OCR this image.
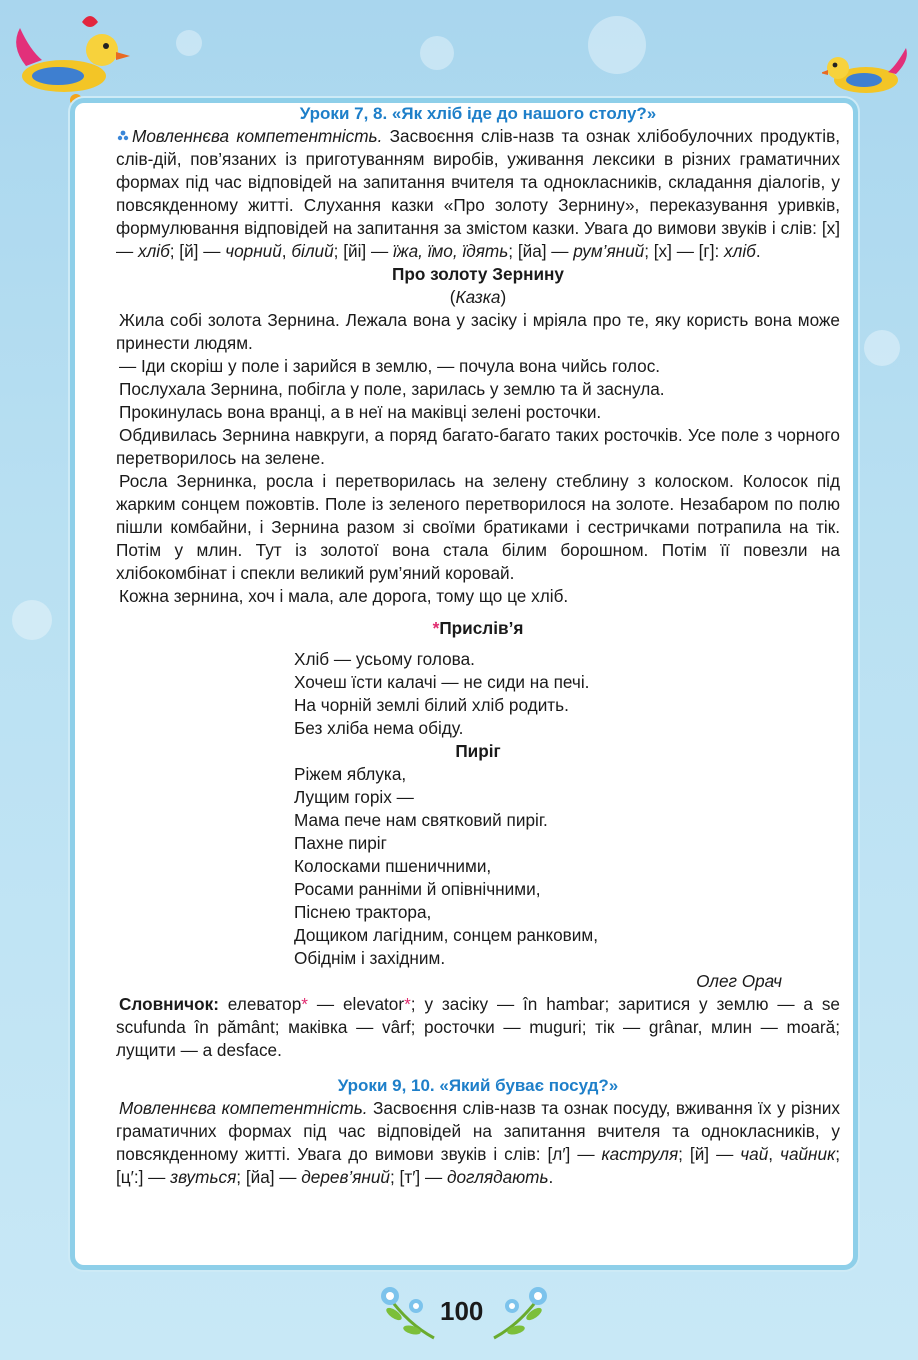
Уроки 7, 8. «Як хліб іде до нашого столу?»

Мовленнєва компетентність. Засвоєння слів-назв та ознак хлібобулочних продуктів, слів-дій, пов’язаних із приготуванням виробів, уживання лексики в різних граматичних формах під час відповідей на запитання вчителя та однокласників, складання діалогів, у повсякденному житті. Слухання казки «Про золоту Зернину», переказування уривків, формулювання відповідей на запитання за змістом казки. Увага до вимови звуків і слів: [х] — хліб; [й] — чорний, білий; [йі] — їжа, їмо, їдять; [йа] — рум’яний; [х] — [г]: хліб.

Про золоту Зернину

(Казка)

Жила собі золота Зернина. Лежала вона у засіку і мріяла про те, яку користь вона може принести людям.

— Іди скоріш у поле і зарийся в землю, — почула вона чийсь голос.

Послухала Зернина, побігла у поле, зарилась у землю та й заснула.

Прокинулась вона вранці, а в неї на маківці зелені росточки.

Обдивилась Зернина навкруги, а поряд багато-багато таких росточків. Усе поле з чорного перетворилось на зелене.

Росла Зернинка, росла і перетворилась на зелену стеблину з колоском. Колосок під жарким сонцем пожовтів. Поле із зеленого перетворилося на золоте. Незабаром по полю пішли комбайни, і Зернина разом зі своїми братиками і сестричками потрапила на тік. Потім у млин. Тут із золотої вона стала білим борошном. Потім її повезли на хлібокомбінат і спекли великий рум’яний коровай.

Кожна зернина, хоч і мала, але дорога, тому що це хліб.

*Прислів’я

Хліб — усьому голова.

Хочеш їсти калачі — не сиди на печі.

На чорній землі білий хліб родить.

Без хліба нема обіду.

Пиріг

Ріжем яблука,

Лущим горіх —

Мама пече нам святковий пиріг.

Пахне пиріг

Колосками пшеничними,

Росами ранніми й опівнічними,

Піснею трактора,

Дощиком лагідним, сонцем ранковим,

Обіднім і західним.

Олег Орач

Словничок: елеватор* — elevator*; у засіку — în hambar; заритися у землю — a se scufunda în pământ; маківка — vârf; росточки — muguri; тік — grânar, млин — moară; лущити — a desface.

Уроки 9, 10. «Який буває посуд?»

Мовленнєва компетентність. Засвоєння слів-назв та ознак посуду, вживання їх у різних граматичних формах під час відповідей на запитання вчителя та однокласників, у повсякденному житті. Увага до вимови звуків і слів: [л′] — каструля; [й] — чай, чайник; [ц′:] — звуться; [йа] — дерев’яний; [т′] — доглядають.

100
